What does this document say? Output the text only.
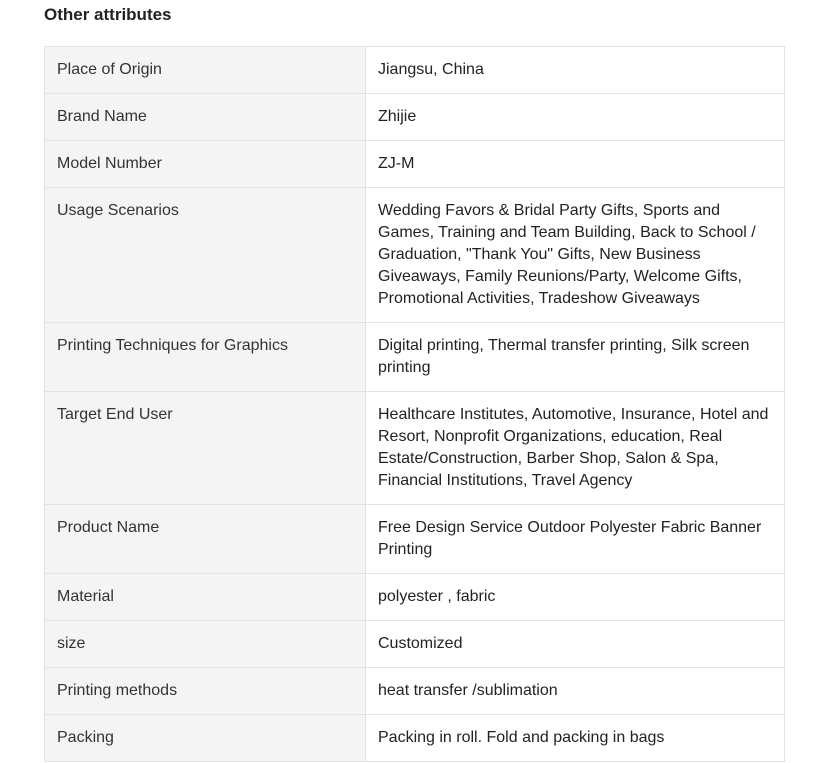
Other attributes
Place of Origin	Jiangsu, China
Brand Name	Zhijie
Model Number	ZJ-M
Usage Scenarios	Wedding Favors & Bridal Party Gifts, Sports and Games, Training and Team Building, Back to School / Graduation, "Thank You" Gifts, New Business Giveaways, Family Reunions/Party, Welcome Gifts, Promotional Activities, Tradeshow Giveaways
Printing Techniques for Graphics	Digital printing, Thermal transfer printing, Silk screen printing
Target End User	Healthcare Institutes, Automotive, Insurance, Hotel and Resort, Nonprofit Organizations, education, Real Estate/Construction, Barber Shop, Salon & Spa, Financial Institutions, Travel Agency
Product Name	Free Design Service Outdoor Polyester Fabric Banner Printing
Material	polyester , fabric
size	Customized
Printing methods	heat transfer /sublimation
Packing	Packing in roll. Fold and packing in bags
